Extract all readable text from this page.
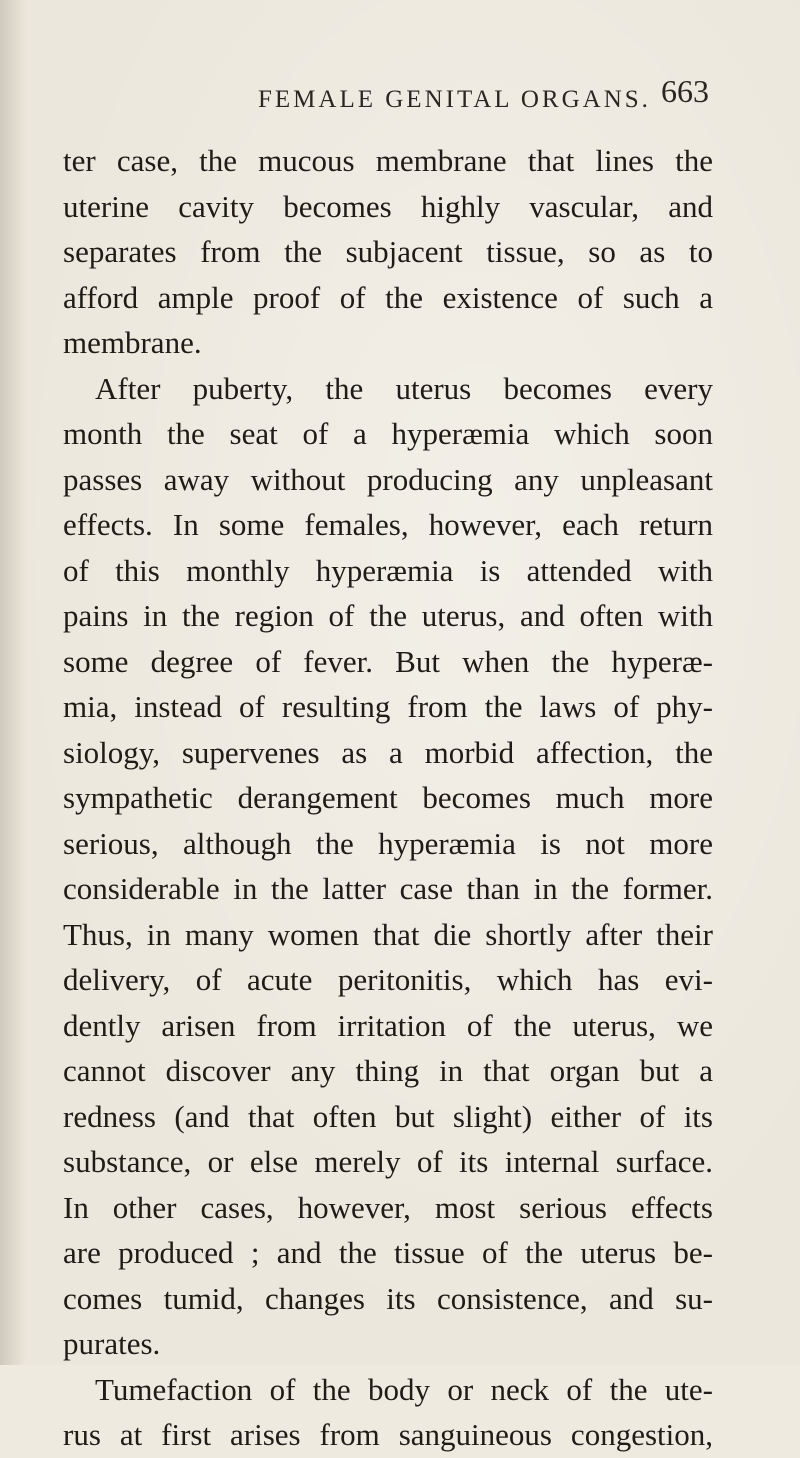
FEMALE GENITAL ORGANS. 663
ter case, the mucous membrane that lines the
uterine cavity becomes highly vascular, and
separates from the subjacent tissue, so as to
afford ample proof of the existence of such a
membrane.
After puberty, the uterus becomes every
month the seat of a hyperæmia which soon
passes away without producing any unpleasant
effects. In some females, however, each return
of this monthly hyperæmia is attended with
pains in the region of the uterus, and often with
some degree of fever. But when the hyperæ-
mia, instead of resulting from the laws of phy-
siology, supervenes as a morbid affection, the
sympathetic derangement becomes much more
serious, although the hyperæmia is not more
considerable in the latter case than in the former.
Thus, in many women that die shortly after their
delivery, of acute peritonitis, which has evi-
dently arisen from irritation of the uterus, we
cannot discover any thing in that organ but a
redness (and that often but slight) either of its
substance, or else merely of its internal surface.
In other cases, however, most serious effects
are produced ; and the tissue of the uterus be-
comes tumid, changes its consistence, and su-
purates.
Tumefaction of the body or neck of the ute-
rus at first arises from sanguineous congestion,
